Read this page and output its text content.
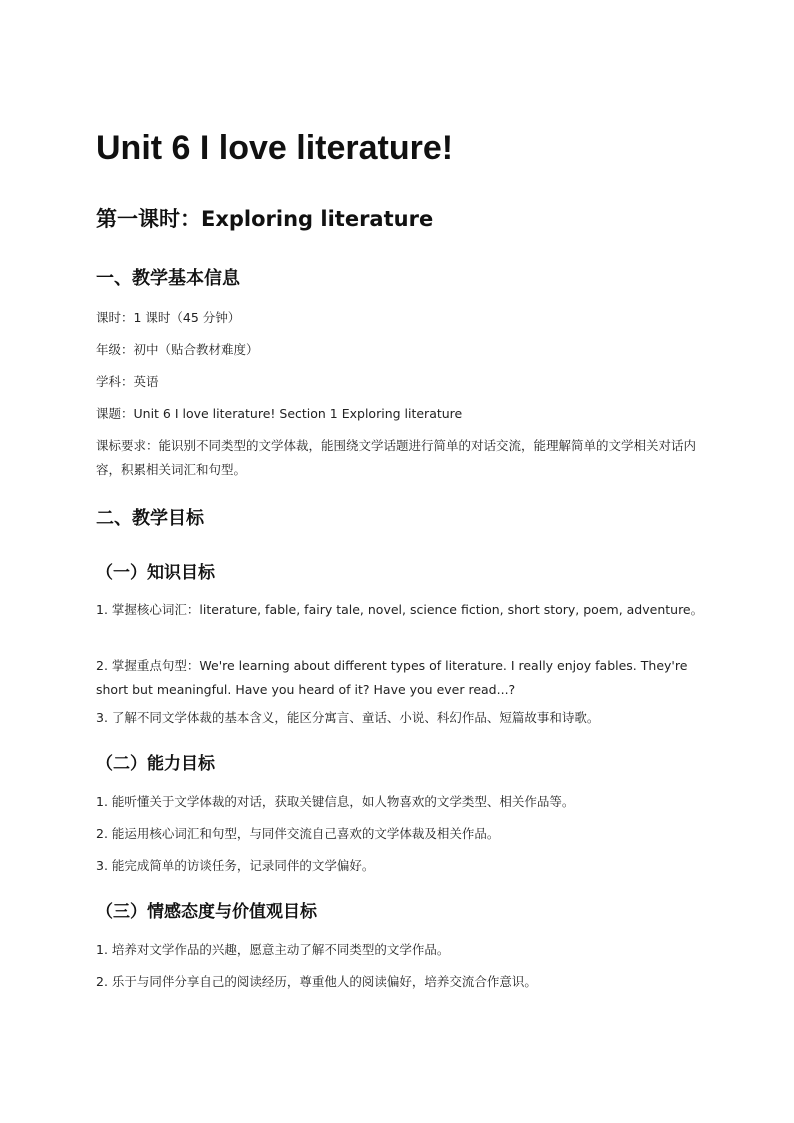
Unit 6 I love literature!
第一课时：Exploring literature
一、教学基本信息
课时：1 课时（45 分钟）
年级：初中（贴合教材难度）
学科：英语
课题：Unit 6 I love literature! Section 1 Exploring literature
课标要求：能识别不同类型的文学体裁，能围绕文学话题进行简单的对话交流，能理解简单的文学相关对话内容，积累相关词汇和句型。
二、教学目标
（一）知识目标
1. 掌握核心词汇：literature, fable, fairy tale, novel, science fiction, short story, poem, adventure。
2. 掌握重点句型：We're learning about different types of literature. I really enjoy fables. They're short but meaningful. Have you heard of it? Have you ever read...?
3. 了解不同文学体裁的基本含义，能区分寓言、童话、小说、科幻作品、短篇故事和诗歌。
（二）能力目标
1. 能听懂关于文学体裁的对话，获取关键信息，如人物喜欢的文学类型、相关作品等。
2. 能运用核心词汇和句型，与同伴交流自己喜欢的文学体裁及相关作品。
3. 能完成简单的访谈任务，记录同伴的文学偏好。
（三）情感态度与价值观目标
1. 培养对文学作品的兴趣，愿意主动了解不同类型的文学作品。
2. 乐于与同伴分享自己的阅读经历，尊重他人的阅读偏好，培养交流合作意识。
